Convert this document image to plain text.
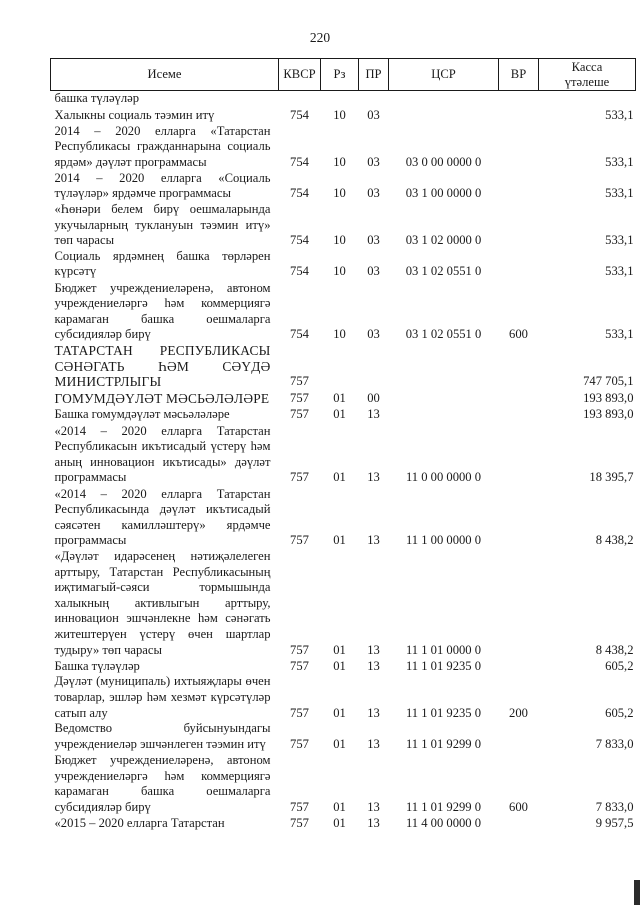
220
Исеме	КВСР	Рз	ПР	ЦСР	ВР	Касса
үтәлеше

башка түләүләр						
Халыкны социаль тәэмин итү	754	10	03			533,1
2014 – 2020 елларга «Татарстан Республикасы гражданнарына социаль ярдәм» дәүләт программасы	754	10	03	03 0 00 0000 0		533,1
2014 – 2020 елларга «Социаль түләүләр» ярдәмче программасы	754	10	03	03 1 00 0000 0		533,1
«Һөнәри белем бирү оешмаларында укучыларның туклануын тәэмин итү» төп чарасы	754	10	03	03 1 02 0000 0		533,1
Социаль ярдәмнең башка төрләрен күрсәтү	754	10	03	03 1 02 0551 0		533,1
Бюджет учреждениеләренә, автоном учреждениеләргә һәм коммерциягә карамаган башка оешмаларга субсидияләр бирү	754	10	03	03 1 02 0551 0	600	533,1
ТАТАРСТАН РЕСПУБЛИКАСЫ СӘНӘГАТЬ ҺӘМ СӘҮДӘ МИНИСТРЛЫГЫ	757					747 705,1
ГОМУМДӘҮЛӘТ МӘСЬӘЛӘЛӘРЕ	757	01	00			193 893,0
Башка гомумдәүләт мәсьәләләре	757	01	13			193 893,0
«2014 – 2020 елларга Татарстан Республикасын икътисадый үстерү һәм аның инновацион икътисады» дәүләт программасы	757	01	13	11 0 00 0000 0		18 395,7
«2014 – 2020 елларга Татарстан Республикасында дәүләт икътисадый сәясәтен камилләштерү» ярдәмче программасы	757	01	13	11 1 00 0000 0		8 438,2
«Дәүләт идарәсенең нәтиҗәлелеген арттыру, Татарстан Республикасының иҗтимагый-сәяси тормышында халыкның активлыгын арттыру, инновацион эшчәнлекне һәм сәнәгать житештерүен үстерү өчен шартлар тудыру» төп чарасы	757	01	13	11 1 01 0000 0		8 438,2
Башка түләүләр	757	01	13	11 1 01 9235 0		605,2
Дәүләт (муниципаль) ихтыяҗлары өчен товарлар, эшләр һәм хезмәт күрсәтүләр сатып алу	757	01	13	11 1 01 9235 0	200	605,2
Ведомство буйсынуындагы учреждениеләр эшчәнлеген тәэмин итү	757	01	13	11 1 01 9299 0		7 833,0
Бюджет учреждениеләренә, автоном учреждениеләргә һәм коммерциягә карамаган башка оешмаларга субсидияләр бирү	757	01	13	11 1 01 9299 0	600	7 833,0
«2015 – 2020 елларга Татарстан	757	01	13	11 4 00 0000 0		9 957,5
